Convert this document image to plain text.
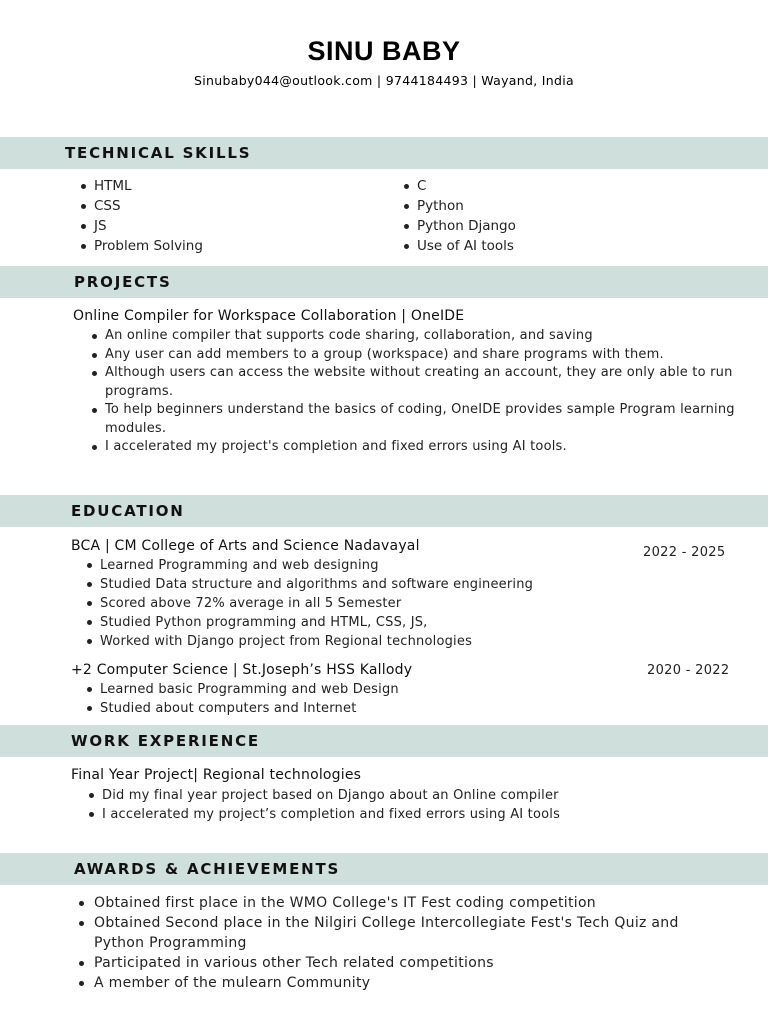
SINU BABY
Sinubaby044@outlook.com | 9744184493 | Wayand, India
TECHNICAL SKILLS
HTML
CSS
JS
Problem Solving
C
Python
Python Django
Use of AI tools
PROJECTS
Online Compiler for Workspace Collaboration | OneIDE
An online compiler that supports code sharing, collaboration, and saving
Any user can add members to a group (workspace) and share programs with them.
Although users can access the website without creating an account, they are only able to run programs.
To help beginners understand the basics of coding, OneIDE provides sample Program learning modules.
I accelerated my project's completion and fixed errors using AI tools.
EDUCATION
BCA | CM College of Arts and Science Nadavayal	2022 - 2025
Learned Programming and web designing
Studied Data structure and algorithms and software engineering
Scored above 72% average in all 5 Semester
Studied Python programming and HTML, CSS, JS,
Worked with Django project from Regional technologies
+2 Computer Science | St.Joseph’s HSS Kallody	2020 - 2022
Learned basic Programming and web Design
Studied about computers and Internet
WORK EXPERIENCE
Final Year Project| Regional technologies
Did my final year project based on Django about an Online compiler
I accelerated my project’s completion and fixed errors using AI tools
AWARDS & ACHIEVEMENTS
Obtained first place in the WMO College's IT Fest coding competition
Obtained Second place in the Nilgiri College Intercollegiate Fest's Tech Quiz and Python Programming
Participated in various other Tech related competitions
A member of the mulearn Community
